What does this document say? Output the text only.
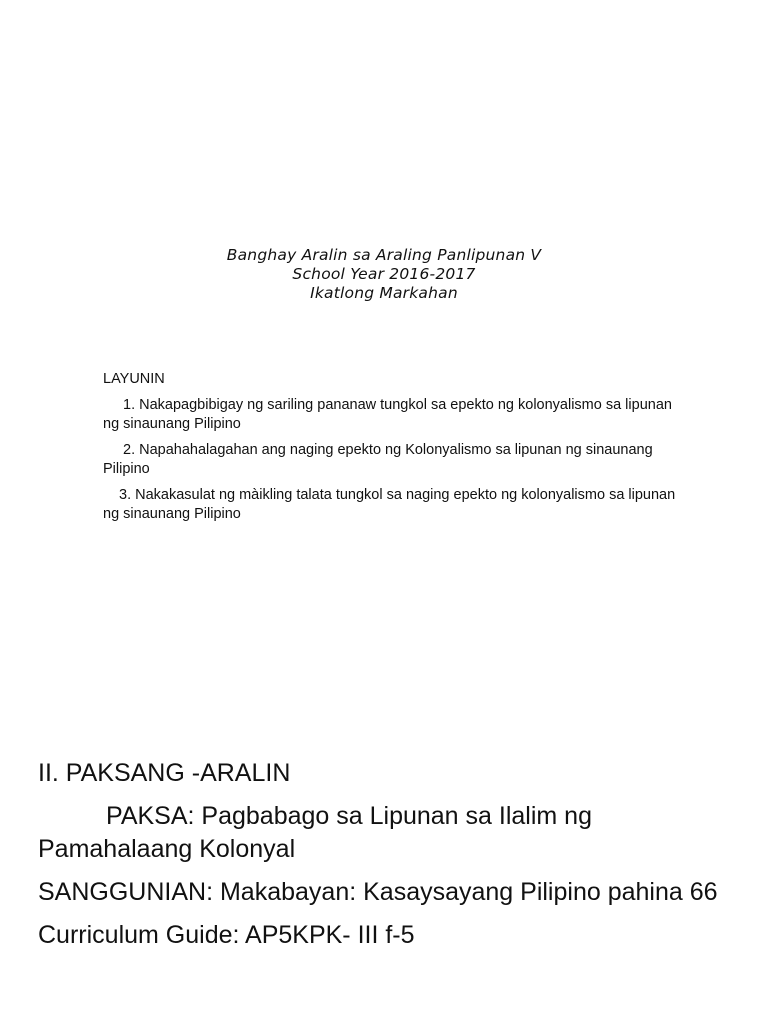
Banghay Aralin sa Araling Panlipunan V
School Year 2016-2017
Ikatlong Markahan
LAYUNIN
1. Nakapagbibigay ng sariling pananaw tungkol sa epekto ng kolonyalismo sa lipunan ng sinaunang Pilipino
2. Napahahalagahan ang naging epekto ng Kolonyalismo sa lipunan ng sinaunang Pilipino
3. Nakakasulat ng màikling talata tungkol sa naging epekto ng kolonyalismo sa lipunan ng sinaunang Pilipino

II. PAKSANG -ARALIN

PAKSA: Pagbabago sa Lipunan sa Ilalim ng Pamahalaang Kolonyal

SANGGUNIAN: Makabayan: Kasaysayang Pilipino pahina 66

Curriculum Guide: AP5KPK- III f-5
